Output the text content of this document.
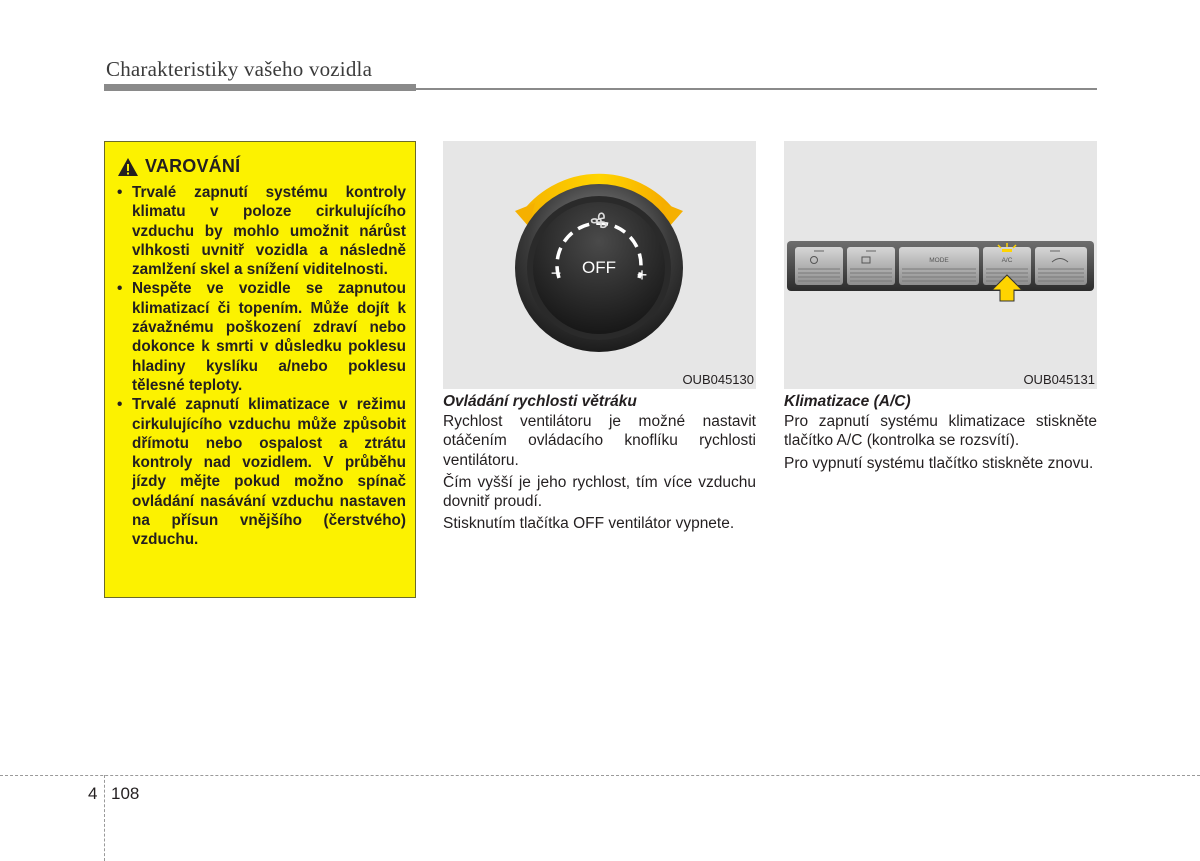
Charakteristiky vašeho vozidla
VAROVÁNÍ
• Trvalé zapnutí systému kontroly klimatu v poloze cirkulujícího vzduchu by mohlo umožnit nárůst vlhkosti uvnitř vozidla a následně zamlžení skel a snížení viditelnosti.
• Nespěte ve vozidle se zapnutou klimatizací či topením. Může dojít k závažnému poškození zdraví nebo dokonce k smrti v důsledku poklesu hladiny kyslíku a/nebo poklesu tělesné teploty.
• Trvalé zapnutí klimatizace v režimu cirkulujícího vzduchu může způsobit dřímotu nebo ospalost a ztrátu kontroly nad vozidlem. V průběhu jízdy mějte pokud možno spínač ovládání nasávání vzduchu nastaven na přísun vnějšího (čerstvého) vzduchu.
OFF
−	+
OUB045130
MODE	A/C
OUB045131
Ovládání rychlosti větráku

Rychlost ventilátoru je možné nastavit otáčením ovládacího knoflíku rychlosti ventilátoru.

Čím vyšší je jeho rychlost, tím více vzduchu dovnitř proudí.

Stisknutím tlačítka OFF ventilátor vypnete.

Klimatizace (A/C)

Pro zapnutí systému klimatizace stiskněte tlačítko A/C (kontrolka se rozsvítí).

Pro vypnutí systému tlačítko stiskněte znovu.

4 108
